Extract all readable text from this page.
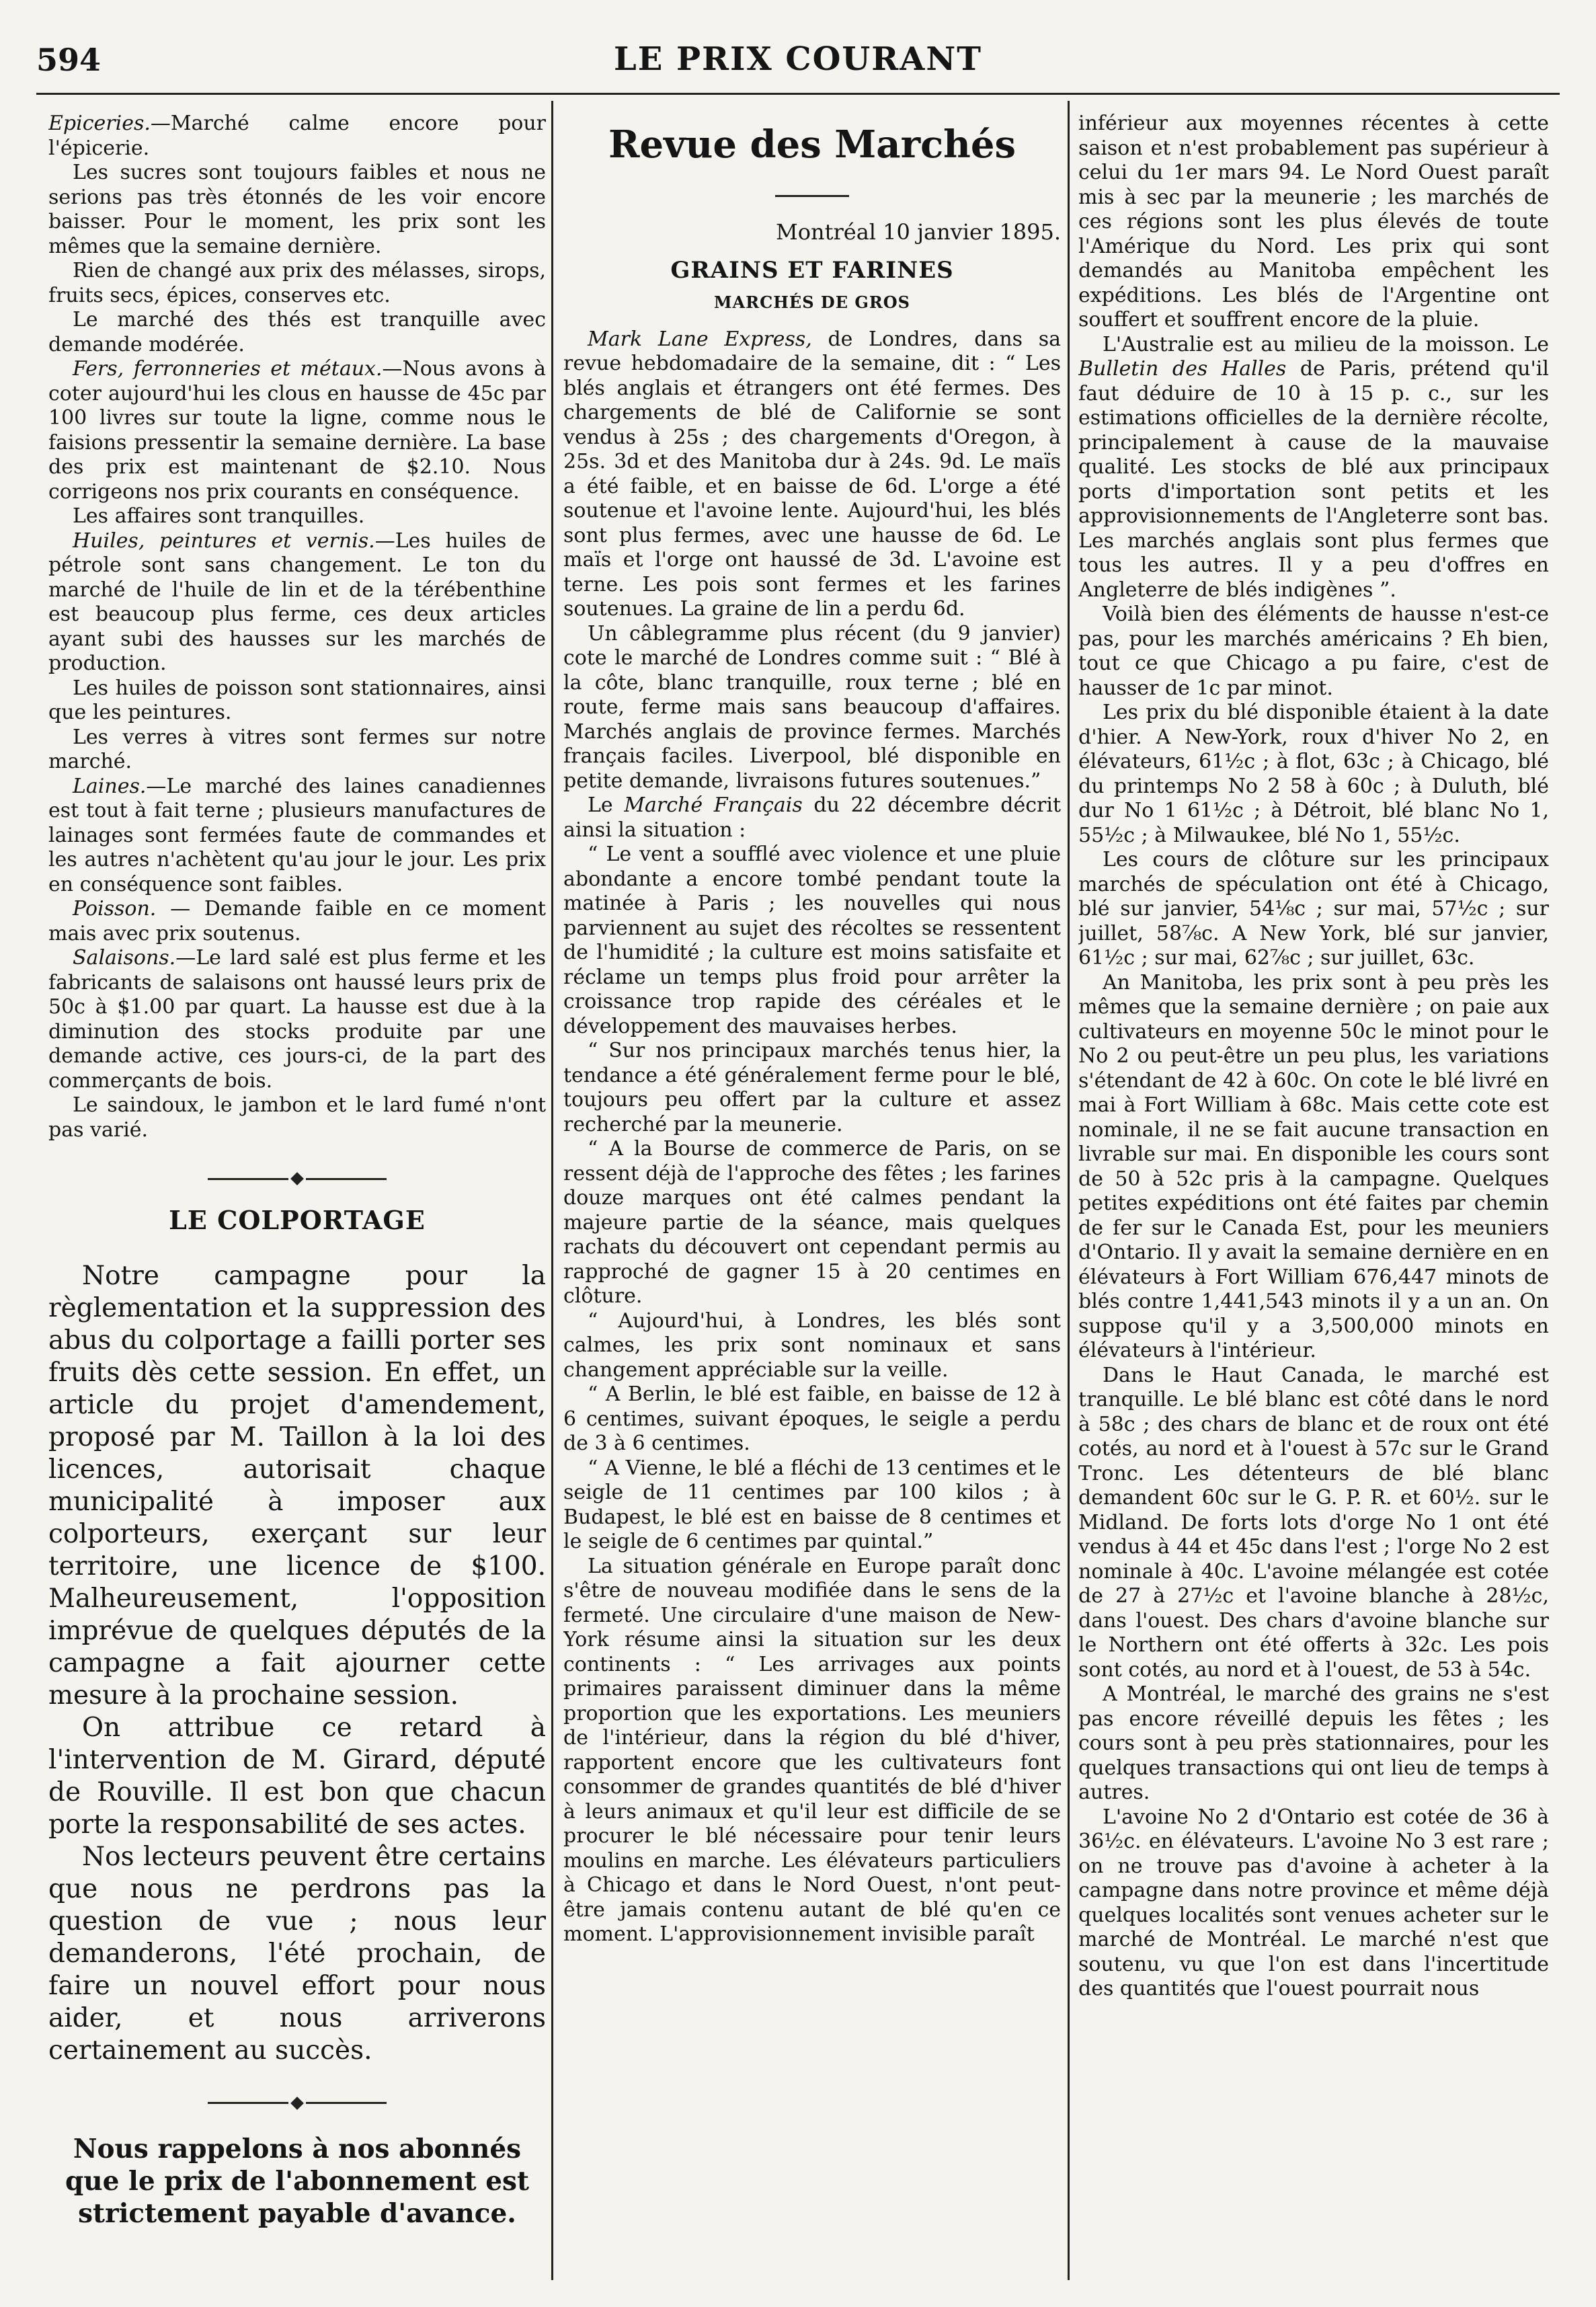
594	LE PRIX COURANT

Epiceries.—Marché calme encore pour l'épicerie.

Les sucres sont toujours faibles et nous ne serions pas très étonnés de les voir encore baisser. Pour le moment, les prix sont les mêmes que la semaine dernière.

Rien de changé aux prix des mélasses, sirops, fruits secs, épices, conserves etc.

Le marché des thés est tranquille avec demande modérée.

Fers, ferronneries et métaux.—Nous avons à coter aujourd'hui les clous en hausse de 45c par 100 livres sur toute la ligne, comme nous le faisions pressentir la semaine dernière. La base des prix est maintenant de $2.10. Nous corrigeons nos prix courants en conséquence.

Les affaires sont tranquilles.

Huiles, peintures et vernis.—Les huiles de pétrole sont sans changement. Le ton du marché de l'huile de lin et de la térébenthine est beaucoup plus ferme, ces deux articles ayant subi des hausses sur les marchés de production.

Les huiles de poisson sont stationnaires, ainsi que les peintures.

Les verres à vitres sont fermes sur notre marché.

Laines.—Le marché des laines canadiennes est tout à fait terne ; plusieurs manufactures de lainages sont fermées faute de commandes et les autres n'achètent qu'au jour le jour. Les prix en conséquence sont faibles.

Poisson. — Demande faible en ce moment mais avec prix soutenus.

Salaisons.—Le lard salé est plus ferme et les fabricants de salaisons ont haussé leurs prix de 50c à $1.00 par quart. La hausse est due à la diminution des stocks produite par une demande active, ces jours-ci, de la part des commerçants de bois.

Le saindoux, le jambon et le lard fumé n'ont pas varié.

LE COLPORTAGE

Notre campagne pour la règlementation et la suppression des abus du colportage a failli porter ses fruits dès cette session. En effet, un article du projet d'amendement, proposé par M. Taillon à la loi des licences, autorisait chaque municipalité à imposer aux colporteurs, exerçant sur leur territoire, une licence de $100. Malheureusement, l'opposition imprévue de quelques députés de la campagne a fait ajourner cette mesure à la prochaine session.

On attribue ce retard à l'intervention de M. Girard, député de Rouville. Il est bon que chacun porte la responsabilité de ses actes.

Nos lecteurs peuvent être certains que nous ne perdrons pas la question de vue ; nous leur demanderons, l'été prochain, de faire un nouvel effort pour nous aider, et nous arriverons certainement au succès.

Nous rappelons à nos abonnés que le prix de l'abonnement est strictement payable d'avance.
Revue des Marchés
Montréal 10 janvier 1895.
GRAINS ET FARINES
MARCHÉS DE GROS

Mark Lane Express, de Londres, dans sa revue hebdomadaire de la semaine, dit : “ Les blés anglais et étrangers ont été fermes. Des chargements de blé de Californie se sont vendus à 25s ; des chargements d'Oregon, à 25s. 3d et des Manitoba dur à 24s. 9d. Le maïs a été faible, et en baisse de 6d. L'orge a été soutenue et l'avoine lente. Aujourd'hui, les blés sont plus fermes, avec une hausse de 6d. Le maïs et l'orge ont haussé de 3d. L'avoine est terne. Les pois sont fermes et les farines soutenues. La graine de lin a perdu 6d.

Un câblegramme plus récent (du 9 janvier) cote le marché de Londres comme suit : “ Blé à la côte, blanc tranquille, roux terne ; blé en route, ferme mais sans beaucoup d'affaires. Marchés anglais de province fermes. Marchés français faciles. Liverpool, blé disponible en petite demande, livraisons futures soutenues.”

Le Marché Français du 22 décembre décrit ainsi la situation :

“ Le vent a soufflé avec violence et une pluie abondante a encore tombé pendant toute la matinée à Paris ; les nouvelles qui nous parviennent au sujet des récoltes se ressentent de l'humidité ; la culture est moins satisfaite et réclame un temps plus froid pour arrêter la croissance trop rapide des céréales et le développement des mauvaises herbes.

“ Sur nos principaux marchés tenus hier, la tendance a été généralement ferme pour le blé, toujours peu offert par la culture et assez recherché par la meunerie.

“ A la Bourse de commerce de Paris, on se ressent déjà de l'approche des fêtes ; les farines douze marques ont été calmes pendant la majeure partie de la séance, mais quelques rachats du découvert ont cependant permis au rapproché de gagner 15 à 20 centimes en clôture.

“ Aujourd'hui, à Londres, les blés sont calmes, les prix sont nominaux et sans changement appréciable sur la veille.

“ A Berlin, le blé est faible, en baisse de 12 à 6 centimes, suivant époques, le seigle a perdu de 3 à 6 centimes.

“ A Vienne, le blé a fléchi de 13 centimes et le seigle de 11 centimes par 100 kilos ; à Budapest, le blé est en baisse de 8 centimes et le seigle de 6 centimes par quintal.”

La situation générale en Europe paraît donc s'être de nouveau modifiée dans le sens de la fermeté. Une circulaire d'une maison de New-York résume ainsi la situation sur les deux continents : “ Les arrivages aux points primaires paraissent diminuer dans la même proportion que les exportations. Les meuniers de l'intérieur, dans la région du blé d'hiver, rapportent encore que les cultivateurs font consommer de grandes quantités de blé d'hiver à leurs animaux et qu'il leur est difficile de se procurer le blé nécessaire pour tenir leurs moulins en marche. Les élévateurs particuliers à Chicago et dans le Nord Ouest, n'ont peut-être jamais contenu autant de blé qu'en ce moment. L'approvisionnement invisible paraît

inférieur aux moyennes récentes à cette saison et n'est probablement pas supérieur à celui du 1er mars 94. Le Nord Ouest paraît mis à sec par la meunerie ; les marchés de ces régions sont les plus élevés de toute l'Amérique du Nord. Les prix qui sont demandés au Manitoba empêchent les expéditions. Les blés de l'Argentine ont souffert et souffrent encore de la pluie.

L'Australie est au milieu de la moisson. Le Bulletin des Halles de Paris, prétend qu'il faut déduire de 10 à 15 p. c., sur les estimations officielles de la dernière récolte, principalement à cause de la mauvaise qualité. Les stocks de blé aux principaux ports d'importation sont petits et les approvisionnements de l'Angleterre sont bas. Les marchés anglais sont plus fermes que tous les autres. Il y a peu d'offres en Angleterre de blés indigènes ”.

Voilà bien des éléments de hausse n'est-ce pas, pour les marchés américains ? Eh bien, tout ce que Chicago a pu faire, c'est de hausser de 1c par minot.

Les prix du blé disponible étaient à la date d'hier. A New-York, roux d'hiver No 2, en élévateurs, 61½c ; à flot, 63c ; à Chicago, blé du printemps No 2 58 à 60c ; à Duluth, blé dur No 1 61½c ; à Détroit, blé blanc No 1, 55½c ; à Milwaukee, blé No 1, 55½c.

Les cours de clôture sur les principaux marchés de spéculation ont été à Chicago, blé sur janvier, 54⅛c ; sur mai, 57½c ; sur juillet, 58⅞c. A New York, blé sur janvier, 61½c ; sur mai, 62⅞c ; sur juillet, 63c.

An Manitoba, les prix sont à peu près les mêmes que la semaine dernière ; on paie aux cultivateurs en moyenne 50c le minot pour le No 2 ou peut-être un peu plus, les variations s'étendant de 42 à 60c. On cote le blé livré en mai à Fort William à 68c. Mais cette cote est nominale, il ne se fait aucune transaction en livrable sur mai. En disponible les cours sont de 50 à 52c pris à la campagne. Quelques petites expéditions ont été faites par chemin de fer sur le Canada Est, pour les meuniers d'Ontario. Il y avait la semaine dernière en en élévateurs à Fort William 676,447 minots de blés contre 1,441,543 minots il y a un an. On suppose qu'il y a 3,500,000 minots en élévateurs à l'intérieur.

Dans le Haut Canada, le marché est tranquille. Le blé blanc est côté dans le nord à 58c ; des chars de blanc et de roux ont été cotés, au nord et à l'ouest à 57c sur le Grand Tronc. Les détenteurs de blé blanc demandent 60c sur le G. P. R. et 60½. sur le Midland. De forts lots d'orge No 1 ont été vendus à 44 et 45c dans l'est ; l'orge No 2 est nominale à 40c. L'avoine mélangée est cotée de 27 à 27½c et l'avoine blanche à 28½c, dans l'ouest. Des chars d'avoine blanche sur le Northern ont été offerts à 32c. Les pois sont cotés, au nord et à l'ouest, de 53 à 54c.

A Montréal, le marché des grains ne s'est pas encore réveillé depuis les fêtes ; les cours sont à peu près stationnaires, pour les quelques transactions qui ont lieu de temps à autres.

L'avoine No 2 d'Ontario est cotée de 36 à 36½c. en élévateurs. L'avoine No 3 est rare ; on ne trouve pas d'avoine à acheter à la campagne dans notre province et même déjà quelques localités sont venues acheter sur le marché de Montréal. Le marché n'est que soutenu, vu que l'on est dans l'incertitude des quantités que l'ouest pourrait nous
